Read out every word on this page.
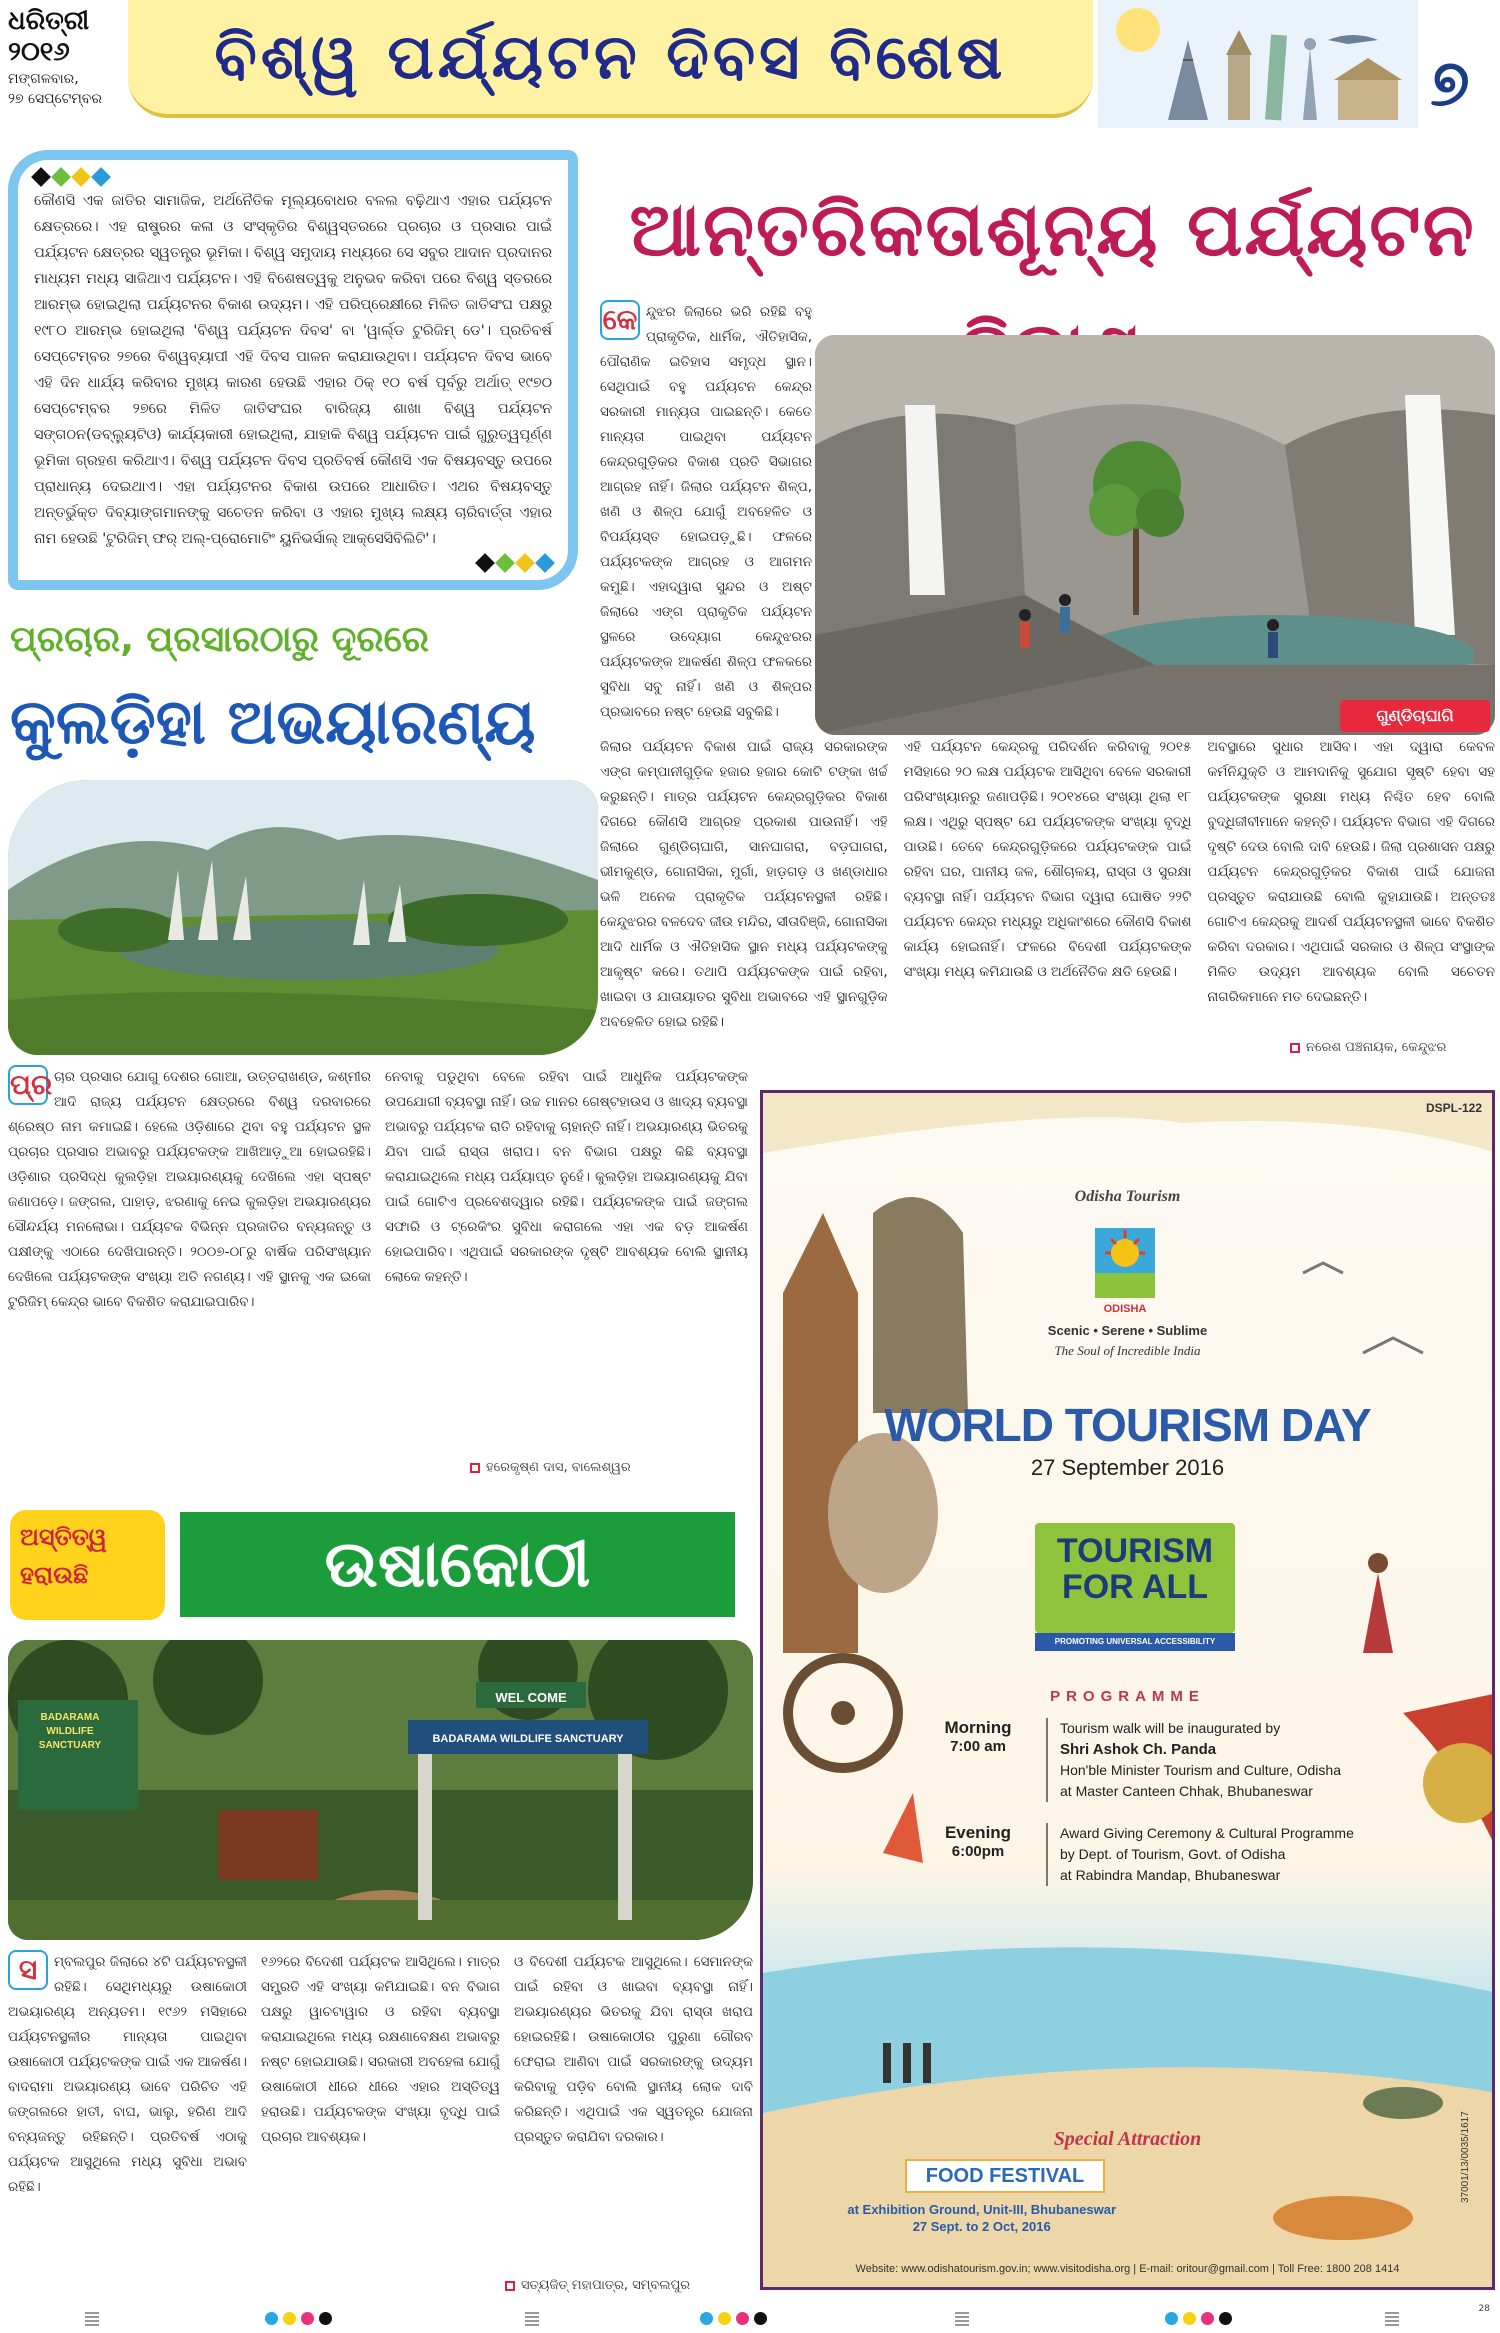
ଧରିତ୍ରୀ
୨୦୧୬
ମଙ୍ଗଳବାର,
୨୭ ସେପ୍ଟେମ୍ବର
ବିଶ୍ୱ ପର୍ଯ୍ୟଟନ ଦିବସ ବିଶେଷ	୭

କୌଣସି ଏକ ଜାତିର ସାମାଜିକ, ଅର୍ଥନୈତିକ ମୂଲ୍ୟବୋଧର ବଳଲ ବଢ଼ିଥାଏ ଏହାର ପର୍ଯ୍ୟଟନ କ୍ଷେତ୍ରରେ। ଏହ ରାଷ୍ଟ୍ରର କଳା ଓ ସଂସ୍କୃତିର ବିଶ୍ୱସ୍ତରରେ ପ୍ରଚାର ଓ ପ୍ରସାର ପାଇଁ ପର୍ଯ୍ୟଟନ କ୍ଷେତ୍ରର ସ୍ୱତନ୍ତ୍ର ଭୂମିକା। ବିଶ୍ୱ ସମୁଦାୟ ମଧ୍ୟରେ ସେ ସବୁର ଆଦାନ ପ୍ରଦାନର ମାଧ୍ୟମ ମଧ୍ୟ ସାଜିଥାଏ ପର୍ଯ୍ୟଟନ। ଏହି ବିଶେଷତ୍ୱକୁ ଅନୁଭବ କରିବା ପରେ ବିଶ୍ୱ ସ୍ତରରେ ଆରମ୍ଭ ହୋଇଥିଲା ପର୍ଯ୍ୟଟନର ବିକାଶ ଉଦ୍ୟମ। ଏହି ପରିପ୍ରେକ୍ଷୀରେ ମିଳିତ ଜାତିସଂଘ ପକ୍ଷରୁ ୧୯୮୦ ଆରମ୍ଭ ହୋଇଥିଲା 'ବିଶ୍ୱ ପର୍ଯ୍ୟଟନ ଦିବସ' ବା 'ୱାର୍ଲ୍ଡ ଟୁରିଜିମ୍ ଡେ'। ପ୍ରତିବର୍ଷ ସେପ୍ଟେମ୍ବର ୨୭ରେ ବିଶ୍ୱବ୍ୟାପୀ ଏହି ଦିବସ ପାଳନ କରାଯାଉଥିବା। ପର୍ଯ୍ୟଟନ ଦିବସ ଭାବେ ଏହି ଦିନ ଧାର୍ଯ୍ୟ କରିବାର ମୁଖ୍ୟ କାରଣ ହେଉଛି ଏହାର ଠିକ୍ ୧୦ ବର୍ଷ ପୂର୍ବରୁ ଅର୍ଥାତ୍ ୧୯୭୦ ସେପ୍ଟେମ୍ବର ୨୭ରେ ମିଳିତ ଜାତିସଂଘର ବାରିଜ୍ୟ ଶାଖା ବିଶ୍ୱ ପର୍ଯ୍ୟଟନ ସଙ୍ଗଠନ(ଡବ୍ଲ୍ୟୁଟିଓ) କାର୍ଯ୍ୟକାରୀ ହୋଇଥିଲା, ଯାହାକି ବିଶ୍ୱ ପର୍ଯ୍ୟଟନ ପାଇଁ ଗୁରୁତ୍ୱପୂର୍ଣ୍ଣ ଭୂମିକା ଗ୍ରହଣ କରିଥାଏ। ବିଶ୍ୱ ପର୍ଯ୍ୟଟନ ଦିବସ ପ୍ରତିବର୍ଷ କୌଣସି ଏକ ବିଷୟବସ୍ତୁ ଉପରେ ପ୍ରାଧାନ୍ୟ ଦେଇଥାଏ। ଏହା ପର୍ଯ୍ୟଟନର ବିକାଶ ଉପରେ ଆଧାରିତ। ଏଥର ବିଷୟବସ୍ତୁ ଅନ୍ତର୍ଭୁକ୍ତ ଦିବ୍ୟାଙ୍ଗମାନଙ୍କୁ ସଚେତନ କରିବା ଓ ଏହାର ମୁଖ୍ୟ ଲକ୍ଷ୍ୟ ଚାରିବାର୍ତ୍ତା ଏହାର ନାମ ହେଉଛି 'ଟୁରିଜିମ୍ ଫର୍ ଅଲ୍-ପ୍ରୋମୋଟିଂ ୟୁନିଭର୍ସାଲ୍ ଆକ୍ସେସିବିଲିଟି'।

ଆନ୍ତରିକତାଶୂନ୍ୟ ପର୍ଯ୍ୟଟନ
କେ ନ୍ଦୁଝର ଜିଲାରେ ଭରି ରହିଛି ବହୁ ପ୍ରାକୃତିକ, ଧାର୍ମିକ, ଐତିହାସିକ, ପୌରାଣିକ ଇତିହାସ ସମୃଦ୍ଧ ସ୍ଥାନ। ସେଥିପାଇଁ ବହୁ ପର୍ଯ୍ୟଟନ କେନ୍ଦ୍ର ସରକାରୀ ମାନ୍ୟତା ପାଇଛନ୍ତି। କେତେ ମାନ୍ୟତା ପାଇଥିବା ପର୍ଯ୍ୟଟନ କେନ୍ଦ୍ରଗୁଡ଼ିକର ବିକାଶ ପ୍ରତି ସିଭାଗର ଆଗ୍ରହ ନାହିଁ। ଜିଲାର ପର୍ଯ୍ୟଟନ ଶିଳ୍ପ, ଖଣି ଓ ଶିଳ୍ପ ଯୋଗୁଁ ଅବହେଳିତ ଓ ବିପର୍ଯ୍ୟସ୍ତ ହୋଇପଡ଼ୁଛି। ଫଳରେ ପର୍ଯ୍ୟଟକଙ୍କ ଆଗ୍ରହ ଓ ଆଗମନ କମୁଛି। ଏହାଦ୍ୱାରା ସୁନ୍ଦର ଓ ଅଷ୍ଟ ଜିଲାରେ ଏଙ୍ଗ ପ୍ରାକୃତିକ ପର୍ଯ୍ୟଟନ ସ୍ଥଳରେ ଉଦ୍ୟୋଗ କେନ୍ଦୁଝରର ପର୍ଯ୍ୟଟକଙ୍କ ଆକର୍ଷଣ ଶିଳ୍ପ ଫଳକରେ ସୁବିଧା ସବୁ ନାହିଁ। ଖଣି ଓ ଶିଳ୍ପର ପ୍ରଭାବରେ ନଷ୍ଟ ହେଉଛି ସବୁକିଛି।	ଗୁଣ୍ଡିଚାଘାଗି
ଜିଲାର ପର୍ଯ୍ୟଟନ ବିକାଶ ପାଇଁ ରାଜ୍ୟ ସରକାରଙ୍କ ଏଙ୍ଗ କମ୍ପାନୀଗୁଡ଼ିକ ହଜାର ହଜାର କୋଟି ଟଙ୍କା ଖର୍ଚ୍ଚ କରୁଛନ୍ତି। ମାତ୍ର ପର୍ଯ୍ୟଟନ କେନ୍ଦ୍ରଗୁଡ଼ିକର ବିକାଶ ଦିଗରେ କୌଣସି ଆଗ୍ରହ ପ୍ରକାଶ ପାଉନାହିଁ। ଏହି ଜିଲାରେ ଗୁଣ୍ଡିଚାଘାଗି, ସାନଘାଗରା, ବଡ଼ଘାଗରା, ଭୀମକୁଣ୍ଡ, ଗୋନାସିକା, ମୁର୍ଗା, ହାଡ଼ଗଡ଼ ଓ ଖଣ୍ଡାଧାର ଭଳି ଅନେକ ପ୍ରାକୃତିକ ପର୍ଯ୍ୟଟନସ୍ଥଳୀ ରହିଛି। କେନ୍ଦୁଝରର ବଳଦେବ ଜୀଉ ମନ୍ଦିର, ସୀତାବିଞ୍ଜି, ଗୋନାସିକା ଆଦି ଧାର୍ମିକ ଓ ଐତିହାସିକ ସ୍ଥାନ ମଧ୍ୟ ପର୍ଯ୍ୟଟକଙ୍କୁ ଆକୃଷ୍ଟ କରେ। ତଥାପି ପର୍ଯ୍ୟଟକଙ୍କ ପାଇଁ ରହିବା, ଖାଇବା ଓ ଯାତାୟାତର ସୁବିଧା ଅଭାବରେ ଏହି ସ୍ଥାନଗୁଡ଼ିକ ଅବହେଳିତ ହୋଇ ରହିଛି।
ଏହି ପର୍ଯ୍ୟଟନ କେନ୍ଦ୍ରକୁ ପରିଦର୍ଶନ କରିବାକୁ ୨୦୧୫ ମସିହାରେ ୨୦ ଲକ୍ଷ ପର୍ଯ୍ୟଟକ ଆସିଥିବା ବେଳେ ସରକାରୀ ପରିସଂଖ୍ୟାନରୁ ଜଣାପଡ଼ିଛି। ୨୦୧୪ରେ ସଂଖ୍ୟା ଥିଲା ୧୮ ଲକ୍ଷ। ଏଥିରୁ ସ୍ପଷ୍ଟ ଯେ ପର୍ଯ୍ୟଟକଙ୍କ ସଂଖ୍ୟା ବୃଦ୍ଧି ପାଉଛି। ତେବେ କେନ୍ଦ୍ରଗୁଡ଼ିକରେ ପର୍ଯ୍ୟଟକଙ୍କ ପାଇଁ ରହିବା ଘର, ପାନୀୟ ଜଳ, ଶୌଚାଳୟ, ରାସ୍ତା ଓ ସୁରକ୍ଷା ବ୍ୟବସ୍ଥା ନାହିଁ। ପର୍ଯ୍ୟଟନ ବିଭାଗ ଦ୍ୱାରା ଘୋଷିତ ୨୨ଟି ପର୍ଯ୍ୟଟନ କେନ୍ଦ୍ର ମଧ୍ୟରୁ ଅଧିକାଂଶରେ କୌଣସି ବିକାଶ କାର୍ଯ୍ୟ ହୋଇନାହିଁ। ଫଳରେ ବିଦେଶୀ ପର୍ଯ୍ୟଟକଙ୍କ ସଂଖ୍ୟା ମଧ୍ୟ କମିଯାଉଛି ଓ ଅର୍ଥନୈତିକ କ୍ଷତି ହେଉଛି।
ଅବସ୍ଥାରେ ସୁଧାର ଆସିବ। ଏହା ଦ୍ୱାରା କେବଳ କର୍ମନିଯୁକ୍ତି ଓ ଆମଦାନିକୁ ସୁଯୋଗ ସୃଷ୍ଟି ହେବା ସହ ପର୍ଯ୍ୟଟକଙ୍କ ସୁରକ୍ଷା ମଧ୍ୟ ନିଶ୍ଚିତ ହେବ ବୋଲି ବୁଦ୍ଧିଜୀବୀମାନେ କହନ୍ତି। ପର୍ଯ୍ୟଟନ ବିଭାଗ ଏହି ଦିଗରେ ଦୃଷ୍ଟି ଦେଉ ବୋଲି ଦାବି ହେଉଛି। ଜିଲା ପ୍ରଶାସନ ପକ୍ଷରୁ ପର୍ଯ୍ୟଟନ କେନ୍ଦ୍ରଗୁଡ଼ିକର ବିକାଶ ପାଇଁ ଯୋଜନା ପ୍ରସ୍ତୁତ କରାଯାଉଛି ବୋଲି କୁହାଯାଉଛି। ଅନ୍ତତଃ ଗୋଟିଏ କେନ୍ଦ୍ରକୁ ଆଦର୍ଶ ପର୍ଯ୍ୟଟନସ୍ଥଳୀ ଭାବେ ବିକଶିତ କରିବା ଦରକାର। ଏଥିପାଇଁ ସରକାର ଓ ଶିଳ୍ପ ସଂସ୍ଥାଙ୍କ ମିଳିତ ଉଦ୍ୟମ ଆବଶ୍ୟକ ବୋଲି ସଚେତନ ନାଗରିକମାନେ ମତ ଦେଇଛନ୍ତି।
ନରେଶ ପଞ୍ଚନାୟକ, କେନ୍ଦୁଝର
ପ୍ରଚାର, ପ୍ରସାରଠାରୁ ଦୂରରେ
କୁଲଡ଼ିହା ଅଭୟାରଣ୍ୟ
ପ୍ର ଚାର ପ୍ରସାର ଯୋଗୁ ଦେଶର ଗୋଆ, ଉତ୍ତରାଖଣ୍ଡ, କଶ୍ମୀର ଆଦି ରାଜ୍ୟ ପର୍ଯ୍ୟଟନ କ୍ଷେତ୍ରରେ ବିଶ୍ୱ ଦରବାରରେ ଶ୍ରେଷ୍ଠ ନାମ କମାଇଛି। ହେଲେ ଓଡ଼ିଶାରେ ଥିବା ବହୁ ପର୍ଯ୍ୟଟନ ସ୍ଥଳ ପ୍ରଚାର ପ୍ରସାର ଅଭାବରୁ ପର୍ଯ୍ୟଟକଙ୍କ ଆଖିଆଡ଼ୁଆ ହୋଇରହିଛି। ଓଡ଼ିଶାର ପ୍ରସିଦ୍ଧ କୁଲଡ଼ିହା ଅଭୟାରଣ୍ୟକୁ ଦେଖିଲେ ଏହା ସ୍ପଷ୍ଟ ଜଣାପଡ଼େ। ଜଙ୍ଗଲ, ପାହାଡ଼, ଝରଣାକୁ ନେଇ କୁଲଡ଼ିହା ଅଭୟାରଣ୍ୟର ସୌନ୍ଦର୍ଯ୍ୟ ମନଲୋଭା। ପର୍ଯ୍ୟଟକ ବିଭିନ୍ନ ପ୍ରଜାତିର ବନ୍ୟଜନ୍ତୁ ଓ ପକ୍ଷୀଙ୍କୁ ଏଠାରେ ଦେଖିପାରନ୍ତି। ୨୦୦୭-୦୮ରୁ ବାର୍ଷିକ ପରିସଂଖ୍ୟାନ ଦେଖିଲେ ପର୍ଯ୍ୟଟକଙ୍କ ସଂଖ୍ୟା ଅତି ନଗଣ୍ୟ। ଏହି ସ୍ଥାନକୁ ଏକ ଇକୋ ଟୁରିଜିମ୍ କେନ୍ଦ୍ର ଭାବେ ବିକଶିତ କରାଯାଇପାରିବ।
ନେବାକୁ ପଡୁଥିବା ବେଳେ ରହିବା ପାଇଁ ଆଧୁନିକ ପର୍ଯ୍ୟଟକଙ୍କ ଉପଯୋଗୀ ବ୍ୟବସ୍ଥା ନାହିଁ। ଉଚ୍ଚ ମାନର ଗେଷ୍ଟହାଉସ ଓ ଖାଦ୍ୟ ବ୍ୟବସ୍ଥା ଅଭାବରୁ ପର୍ଯ୍ୟଟକ ରାତି ରହିବାକୁ ଚାହାନ୍ତି ନାହିଁ। ଅଭୟାରଣ୍ୟ ଭିତରକୁ ଯିବା ପାଇଁ ରାସ୍ତା ଖରାପ। ବନ ବିଭାଗ ପକ୍ଷରୁ କିଛି ବ୍ୟବସ୍ଥା କରାଯାଇଥିଲେ ମଧ୍ୟ ପର୍ଯ୍ୟାପ୍ତ ନୁହେଁ। କୁଲଡ଼ିହା ଅଭୟାରଣ୍ୟକୁ ଯିବା ପାଇଁ ଗୋଟିଏ ପ୍ରବେଶଦ୍ୱାର ରହିଛି। ପର୍ଯ୍ୟଟକଙ୍କ ପାଇଁ ଜଙ୍ଗଲ ସଫାରି ଓ ଟ୍ରେକିଂର ସୁବିଧା କରାଗଲେ ଏହା ଏକ ବଡ଼ ଆକର୍ଷଣ ହୋଇପାରିବ। ଏଥିପାଇଁ ସରକାରଙ୍କ ଦୃଷ୍ଟି ଆବଶ୍ୟକ ବୋଲି ସ୍ଥାନୀୟ ଲୋକେ କହନ୍ତି।
ହରେକୃଷ୍ଣ ଦାସ, ବାଲେଶ୍ୱର
ଅସ୍ତିତ୍ୱ
ହରାଉଛି	ଉଷାକୋଠୀ
WEL COME
BADARAMA WILDLIFE SANCTUARY
BADARAMA WILDLIFE SANCTUARY
ସ	ମ୍ବଲପୁର ଜିଲାରେ ୪ଟି ପର୍ଯ୍ୟଟନସ୍ଥଳୀ ରହିଛି। ସେଥିମଧ୍ୟରୁ ଉଷାକୋଠୀ ଅଭୟାରଣ୍ୟ ଅନ୍ୟତମ। ୧୯୬୨ ମସିହାରେ ପର୍ଯ୍ୟଟନସ୍ଥଳୀର ମାନ୍ୟତା ପାଇଥିବା ଉଷାକୋଠୀ ପର୍ଯ୍ୟଟକଙ୍କ ପାଇଁ ଏକ ଆକର୍ଷଣ। ବାଦରାମା ଅଭୟାରଣ୍ୟ ଭାବେ ପରିଚିତ ଏହି ଜଙ୍ଗଲରେ ହାତୀ, ବାଘ, ଭାଲୁ, ହରିଣ ଆଦି ବନ୍ୟଜନ୍ତୁ ରହିଛନ୍ତି। ପ୍ରତିବର୍ଷ ଏଠାକୁ ପର୍ଯ୍ୟଟକ ଆସୁଥିଲେ ମଧ୍ୟ ସୁବିଧା ଅଭାବ ରହିଛି।
୧୬୨ରେ ବିଦେଶୀ ପର୍ଯ୍ୟଟକ ଆସିଥିଲେ। ମାତ୍ର ସମ୍ପ୍ରତି ଏହି ସଂଖ୍ୟା କମିଯାଇଛି। ବନ ବିଭାଗ ପକ୍ଷରୁ ୱାଚଟାୱାର ଓ ରହିବା ବ୍ୟବସ୍ଥା କରାଯାଇଥିଲେ ମଧ୍ୟ ରକ୍ଷଣାବେକ୍ଷଣ ଅଭାବରୁ ନଷ୍ଟ ହୋଇଯାଉଛି। ସରକାରୀ ଅବହେଳା ଯୋଗୁଁ ଉଷାକୋଠୀ ଧୀରେ ଧୀରେ ଏହାର ଅସ୍ତିତ୍ୱ ହରାଉଛି। ପର୍ଯ୍ୟଟକଙ୍କ ସଂଖ୍ୟା ବୃଦ୍ଧି ପାଇଁ ପ୍ରଚାର ଆବଶ୍ୟକ।
ଓ ବିଦେଶୀ ପର୍ଯ୍ୟଟକ ଆସୁଥିଲେ। ସେମାନଙ୍କ ପାଇଁ ରହିବା ଓ ଖାଇବା ବ୍ୟବସ୍ଥା ନାହିଁ। ଅଭୟାରଣ୍ୟର ଭିତରକୁ ଯିବା ରାସ୍ତା ଖରାପ ହୋଇରହିଛି। ଉଷାକୋଠୀର ପୁରୁଣା ଗୌରବ ଫେରାଇ ଆଣିବା ପାଇଁ ସରକାରଙ୍କୁ ଉଦ୍ୟମ କରିବାକୁ ପଡ଼ିବ ବୋଲି ସ୍ଥାନୀୟ ଲୋକ ଦାବି କରିଛନ୍ତି। ଏଥିପାଇଁ ଏକ ସ୍ୱତନ୍ତ୍ର ଯୋଜନା ପ୍ରସ୍ତୁତ କରାଯିବା ଦରକାର।
ସତ୍ୟଜିତ୍ ମହାପାତ୍ର, ସମ୍ବଲପୁର
DSPL-122
Odisha Tourism
ODISHA
Scenic • Serene • Sublime
The Soul of Incredible India
WORLD TOURISM DAY
27 September 2016
TOURISM
FOR ALL
PROMOTING UNIVERSAL ACCESSIBILITY
PROGRAMME
Morning
7:00 am
Tourism walk will be inaugurated by
Shri Ashok Ch. Panda
Hon'ble Minister Tourism and Culture, Odisha
at Master Canteen Chhak, Bhubaneswar
Evening
6:00pm
Award Giving Ceremony & Cultural Programme
by Dept. of Tourism, Govt. of Odisha
at Rabindra Mandap, Bhubaneswar
Special Attraction
FOOD FESTIVAL
at Exhibition Ground, Unit-III, Bhubaneswar
27 Sept. to 2 Oct, 2016
Website: www.odishatourism.gov.in; www.visitodisha.org | E-mail: oritour@gmail.com | Toll Free: 1800 208 1414
37001/13/0035/1617
28
